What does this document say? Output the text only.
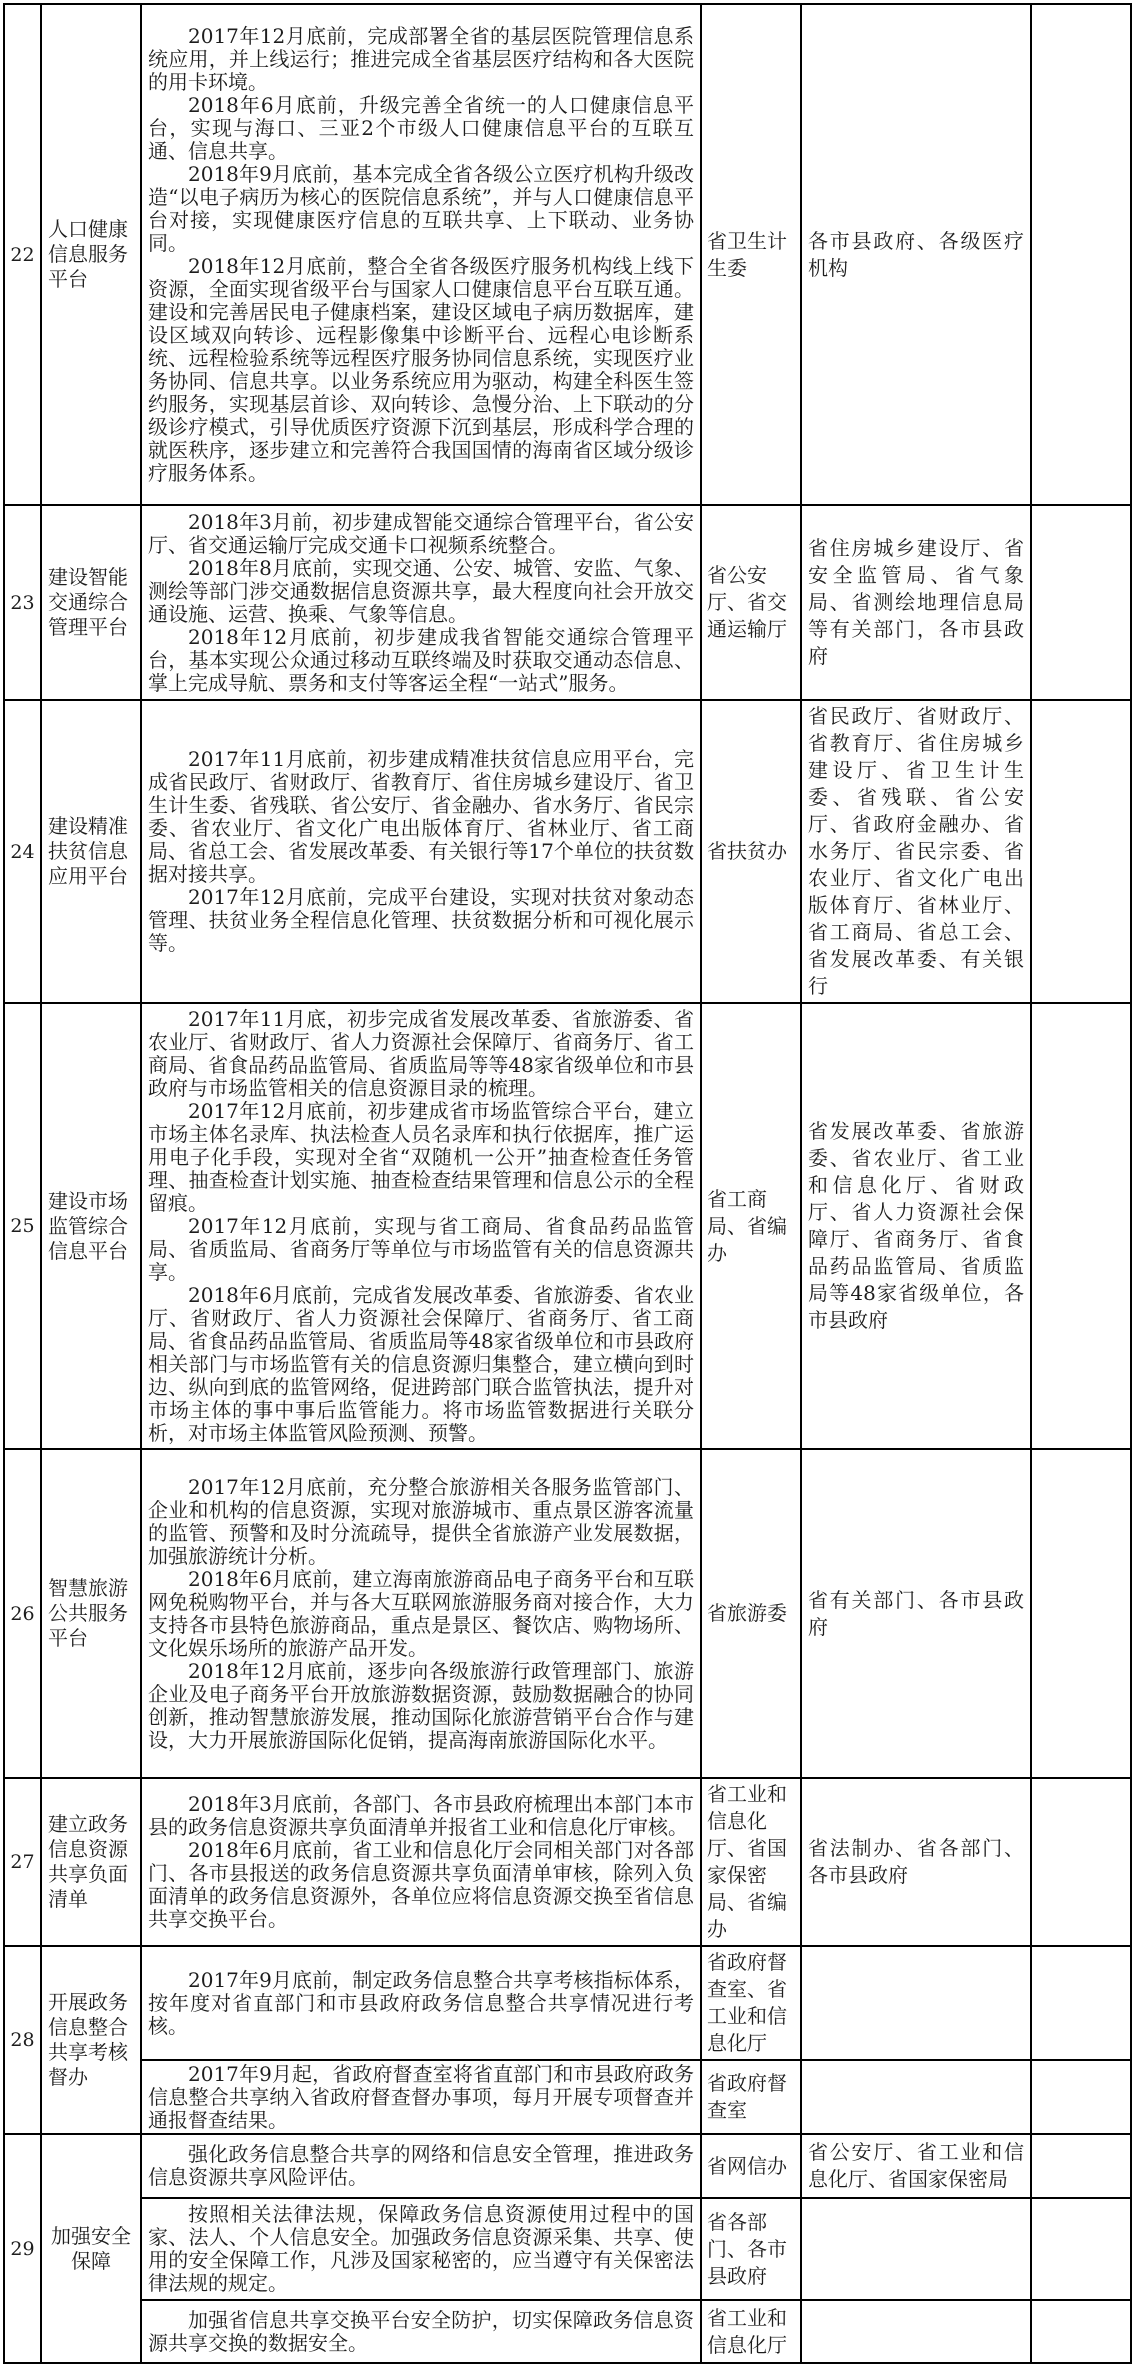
22	人口健康信息服务平台	2017年12月底前，完成部署全省的基层医院管理信息系统应用，并上线运行；推进完成全省基层医疗结构和各大医院的用卡环境。

2018年6月底前，升级完善全省统一的人口健康信息平台，实现与海口、三亚2个市级人口健康信息平台的互联互通、信息共享。

2018年9月底前，基本完成全省各级公立医疗机构升级改造“以电子病历为核心的医院信息系统”，并与人口健康信息平台对接，实现健康医疗信息的互联共享、上下联动、业务协同。

2018年12月底前，整合全省各级医疗服务机构线上线下资源，全面实现省级平台与国家人口健康信息平台互联互通。建设和完善居民电子健康档案，建设区域电子病历数据库，建设区域双向转诊、远程影像集中诊断平台、远程心电诊断系统、远程检验系统等远程医疗服务协同信息系统，实现医疗业务协同、信息共享。以业务系统应用为驱动，构建全科医生签约服务，实现基层首诊、双向转诊、急慢分治、上下联动的分级诊疗模式，引导优质医疗资源下沉到基层，形成科学合理的就医秩序，逐步建立和完善符合我国国情的海南省区域分级诊疗服务体系。	省卫生计生委	各市县政府、各级医疗机构	
23	建设智能交通综合管理平台	2018年3月前，初步建成智能交通综合管理平台，省公安厅、省交通运输厅完成交通卡口视频系统整合。

2018年8月底前，实现交通、公安、城管、安监、气象、测绘等部门涉交通数据信息资源共享，最大程度向社会开放交通设施、运营、换乘、气象等信息。

2018年12月底前，初步建成我省智能交通综合管理平台，基本实现公众通过移动互联终端及时获取交通动态信息、掌上完成导航、票务和支付等客运全程“一站式”服务。	省公安厅、省交通运输厅	省住房城乡建设厅、省安全监管局、省气象局、省测绘地理信息局等有关部门，各市县政府	
24	建设精准扶贫信息应用平台	2017年11月底前，初步建成精准扶贫信息应用平台，完成省民政厅、省财政厅、省教育厅、省住房城乡建设厅、省卫生计生委、省残联、省公安厅、省金融办、省水务厅、省民宗委、省农业厅、省文化广电出版体育厅、省林业厅、省工商局、省总工会、省发展改革委、有关银行等17个单位的扶贫数据对接共享。

2017年12月底前，完成平台建设，实现对扶贫对象动态管理、扶贫业务全程信息化管理、扶贫数据分析和可视化展示等。	省扶贫办	省民政厅、省财政厅、省教育厅、省住房城乡建设厅、省卫生计生委、省残联、省公安厅、省政府金融办、省水务厅、省民宗委、省农业厅、省文化广电出版体育厅、省林业厅、省工商局、省总工会、省发展改革委、有关银行	
25	建设市场监管综合信息平台	2017年11月底，初步完成省发展改革委、省旅游委、省农业厅、省财政厅、省人力资源社会保障厅、省商务厅、省工商局、省食品药品监管局、省质监局等等48家省级单位和市县政府与市场监管相关的信息资源目录的梳理。

2017年12月底前，初步建成省市场监管综合平台，建立市场主体名录库、执法检查人员名录库和执行依据库，推广运用电子化手段，实现对全省“双随机一公开”抽查检查任务管理、抽查检查计划实施、抽查检查结果管理和信息公示的全程留痕。

2017年12月底前，实现与省工商局、省食品药品监管局、省质监局、省商务厅等单位与市场监管有关的信息资源共享。

2018年6月底前，完成省发展改革委、省旅游委、省农业厅、省财政厅、省人力资源社会保障厅、省商务厅、省工商局、省食品药品监管局、省质监局等48家省级单位和市县政府相关部门与市场监管有关的信息资源归集整合，建立横向到时边、纵向到底的监管网络，促进跨部门联合监管执法，提升对市场主体的事中事后监管能力。将市场监管数据进行关联分析，对市场主体监管风险预测、预警。	省工商局、省编办	省发展改革委、省旅游委、省农业厅、省工业和信息化厅、省财政厅、省人力资源社会保障厅、省商务厅、省食品药品监管局、省质监局等48家省级单位，各市县政府	
26	智慧旅游公共服务平台	2017年12月底前，充分整合旅游相关各服务监管部门、企业和机构的信息资源，实现对旅游城市、重点景区游客流量的监管、预警和及时分流疏导，提供全省旅游产业发展数据，加强旅游统计分析。

2018年6月底前，建立海南旅游商品电子商务平台和互联网免税购物平台，并与各大互联网旅游服务商对接合作，大力支持各市县特色旅游商品，重点是景区、餐饮店、购物场所、文化娱乐场所的旅游产品开发。

2018年12月底前，逐步向各级旅游行政管理部门、旅游企业及电子商务平台开放旅游数据资源，鼓励数据融合的协同创新，推动智慧旅游发展，推动国际化旅游营销平台合作与建设，大力开展旅游国际化促销，提高海南旅游国际化水平。	省旅游委	省有关部门、各市县政府	
27	建立政务信息资源共享负面清单	2018年3月底前，各部门、各市县政府梳理出本部门本市县的政务信息资源共享负面清单并报省工业和信息化厅审核。

2018年6月底前，省工业和信息化厅会同相关部门对各部门、各市县报送的政务信息资源共享负面清单审核，除列入负面清单的政务信息资源外，各单位应将信息资源交换至省信息共享交换平台。	省工业和信息化厅、省国家保密局、省编办	省法制办、省各部门、各市县政府	
28	开展政务信息整合共享考核督办	2017年9月底前，制定政务信息整合共享考核指标体系，按年度对省直部门和市县政府政务信息整合共享情况进行考核。	省政府督查室、省工业和信息化厅		

		2017年9月起，省政府督查室将省直部门和市县政府政务信息整合共享纳入省政府督查督办事项，每月开展专项督查并通报督查结果。	省政府督查室		
29	加强安全保障	强化政务信息整合共享的网络和信息安全管理，推进政务信息资源共享风险评估。	省网信办	省公安厅、省工业和信息化厅、省国家保密局	

		按照相关法律法规，保障政务信息资源使用过程中的国家、法人、个人信息安全。加强政务信息资源采集、共享、使用的安全保障工作，凡涉及国家秘密的，应当遵守有关保密法律法规的规定。	省各部门、各市县政府		

		加强省信息共享交换平台安全防护，切实保障政务信息资源共享交换的数据安全。	省工业和信息化厅		
